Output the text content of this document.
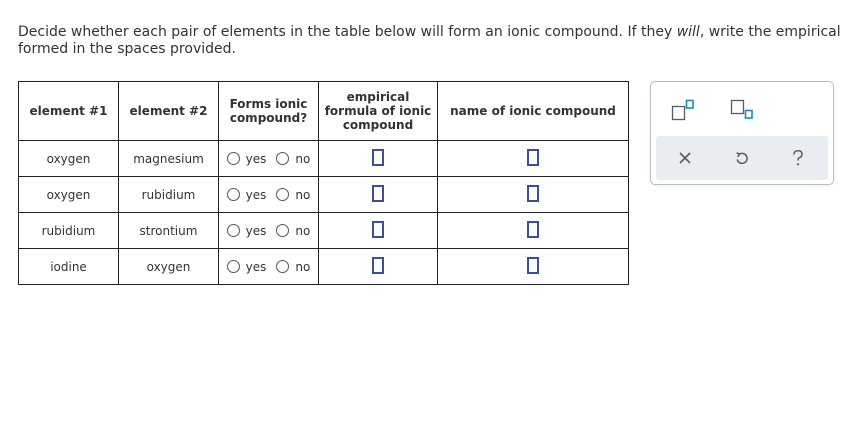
Decide whether each pair of elements in the table below will form an ionic compound. If they will, write the empirical
formed in the spaces provided.
element #1	element #2	Forms ionic
compound?	empirical
formula of ionic
compound	name of ionic compound
oxygen	magnesium	yes no		

oxygen	rubidium	yes no		

rubidium	strontium	yes no		

iodine	oxygen	yes no		
